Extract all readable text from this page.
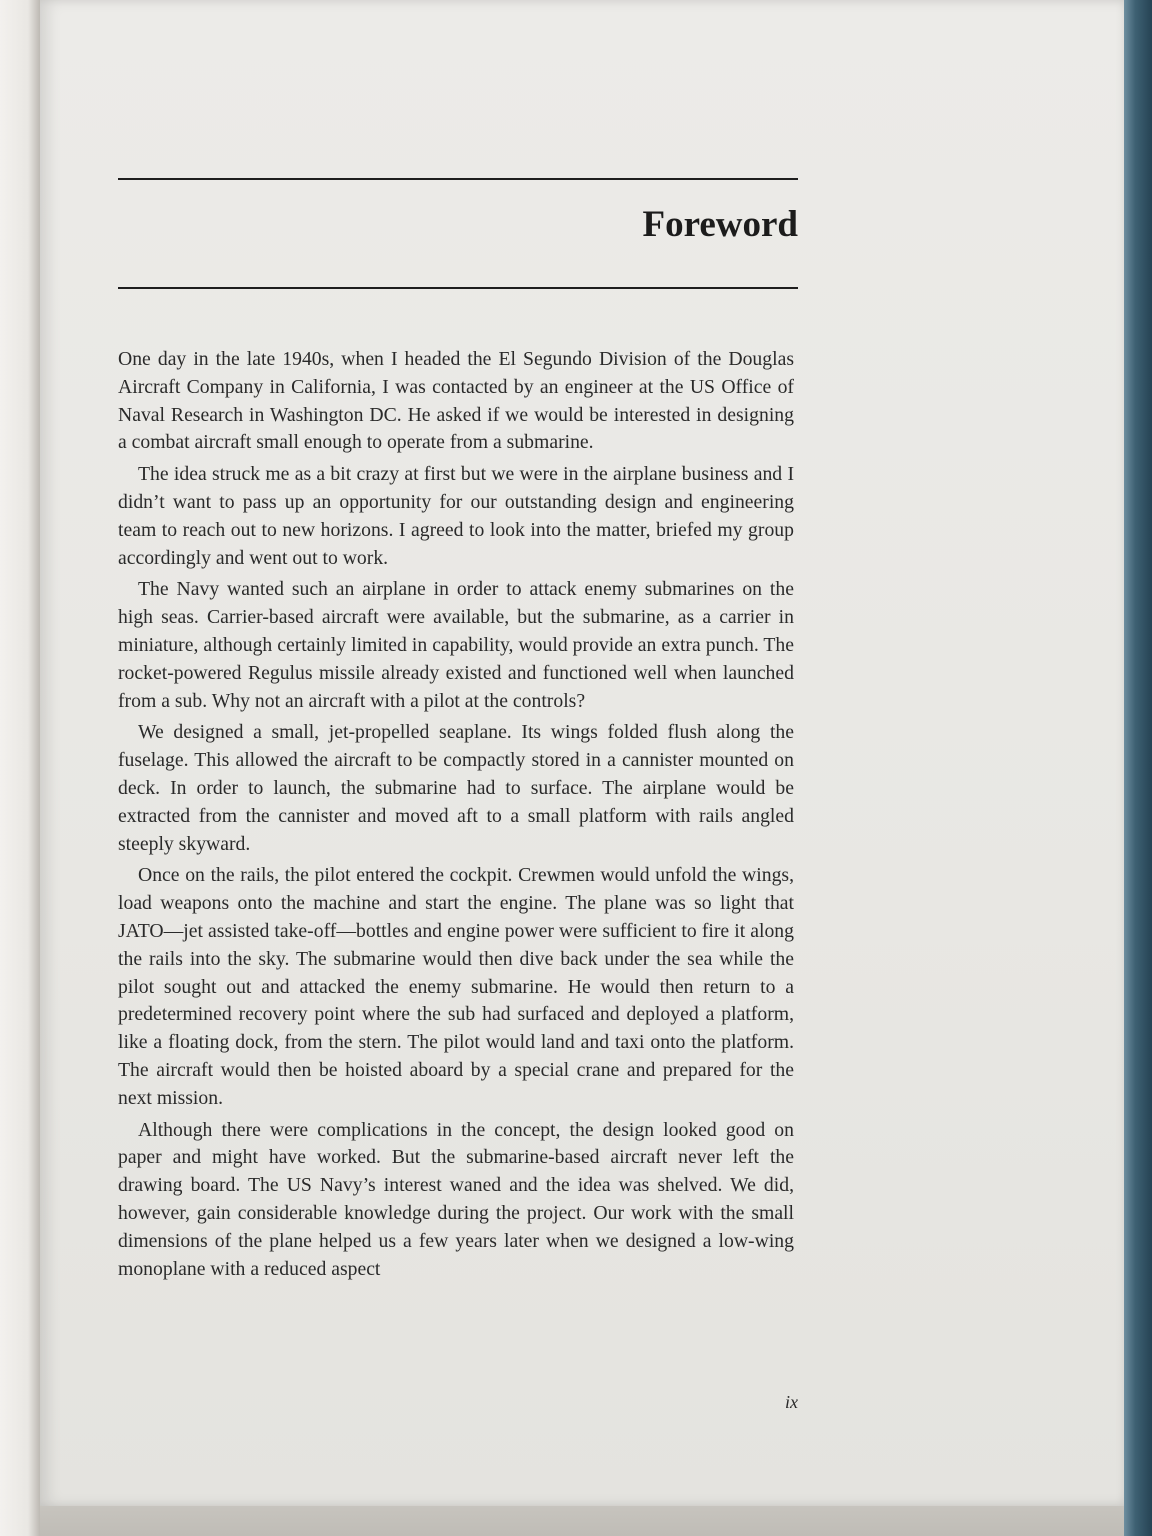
Foreword

One day in the late 1940s, when I headed the El Segundo Division of the Douglas Aircraft Company in California, I was contacted by an engineer at the US Office of Naval Research in Washington DC. He asked if we would be interested in designing a combat aircraft small enough to operate from a submarine.

The idea struck me as a bit crazy at first but we were in the airplane business and I didn’t want to pass up an opportunity for our outstanding design and engineering team to reach out to new horizons. I agreed to look into the matter, briefed my group accordingly and went out to work.

The Navy wanted such an airplane in order to attack enemy submarines on the high seas. Carrier-based aircraft were available, but the submarine, as a carrier in miniature, although certainly limited in capability, would provide an extra punch. The rocket-powered Regulus missile already existed and functioned well when launched from a sub. Why not an aircraft with a pilot at the controls?

We designed a small, jet-propelled seaplane. Its wings folded flush along the fuselage. This allowed the aircraft to be compactly stored in a cannister mounted on deck. In order to launch, the submarine had to surface. The airplane would be extracted from the cannister and moved aft to a small platform with rails angled steeply skyward.

Once on the rails, the pilot entered the cockpit. Crewmen would unfold the wings, load weapons onto the machine and start the engine. The plane was so light that JATO—jet assisted take-off—bottles and engine power were sufficient to fire it along the rails into the sky. The submarine would then dive back under the sea while the pilot sought out and attacked the enemy submarine. He would then return to a predetermined recovery point where the sub had surfaced and deployed a platform, like a floating dock, from the stern. The pilot would land and taxi onto the platform. The aircraft would then be hoisted aboard by a special crane and prepared for the next mission.

Although there were complications in the concept, the design looked good on paper and might have worked. But the submarine-based aircraft never left the drawing board. The US Navy’s interest waned and the idea was shelved. We did, however, gain considerable knowledge during the project. Our work with the small dimensions of the plane helped us a few years later when we designed a low-wing monoplane with a reduced aspect

ix
